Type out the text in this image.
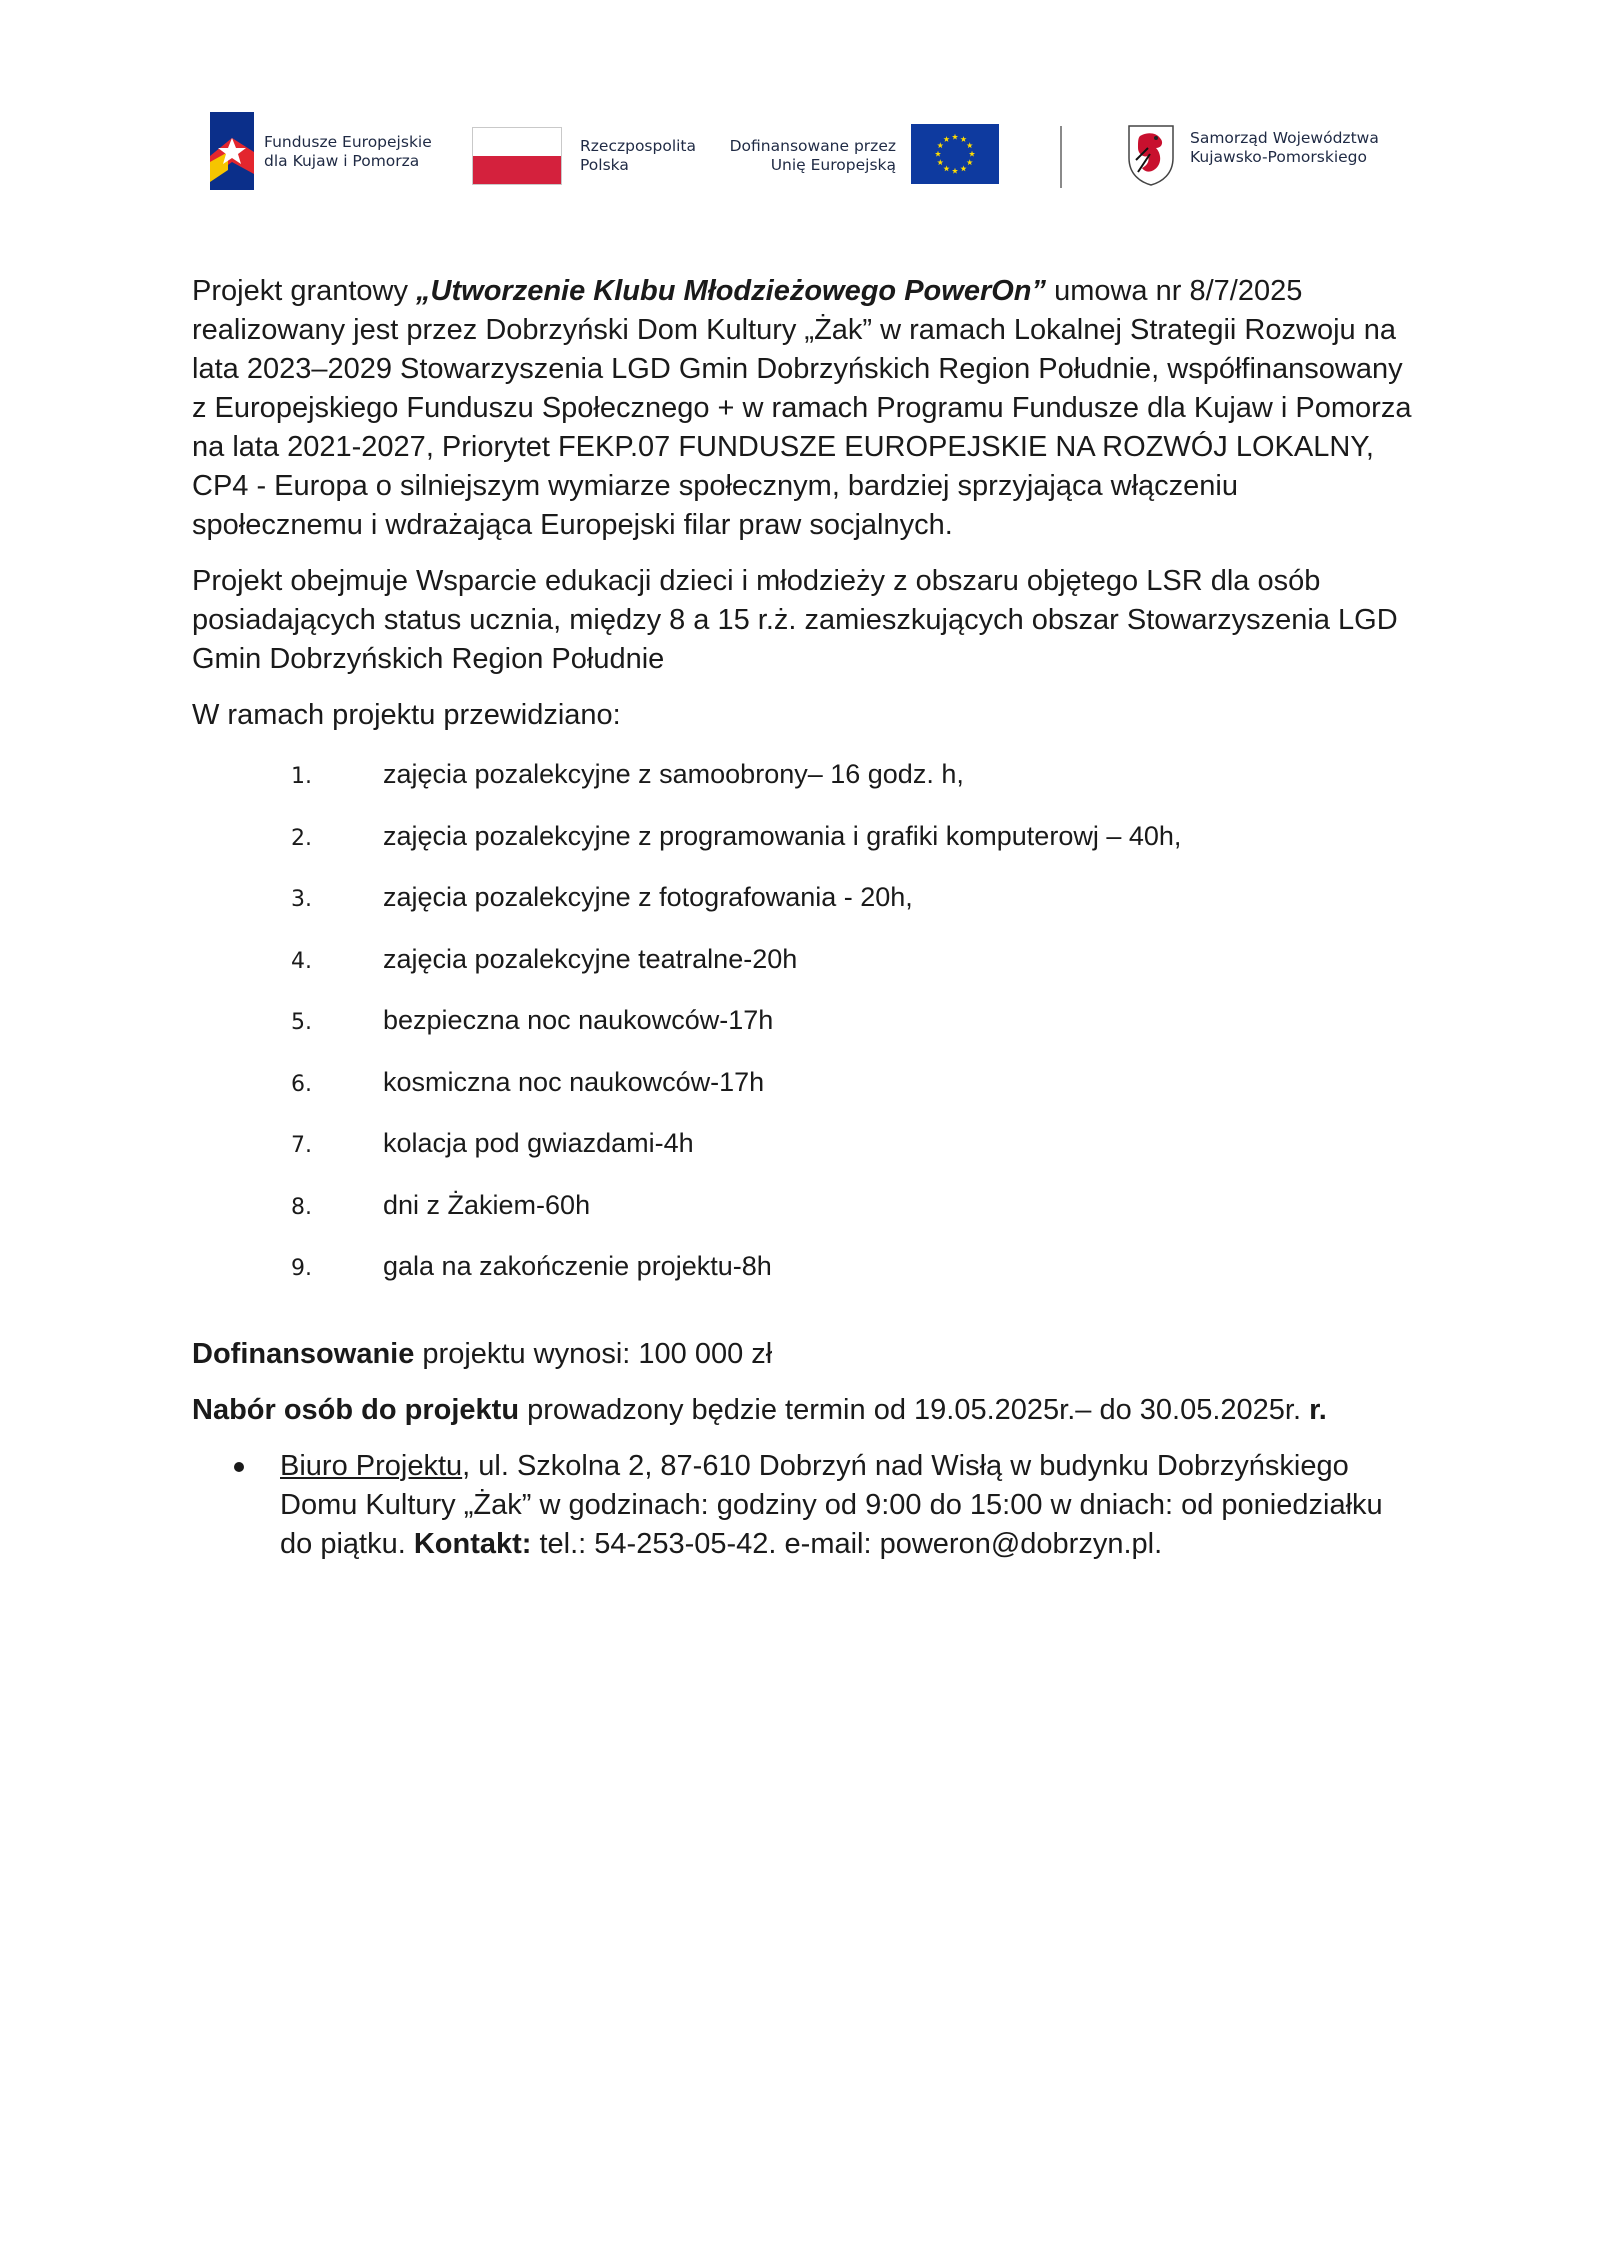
Fundusze Europejskie
dla Kujaw i Pomorza
Rzeczpospolita
Polska
Dofinansowane przez
Unię Europejską
Samorząd Województwa
Kujawsko-Pomorskiego

Projekt grantowy „Utworzenie Klubu Młodzieżowego PowerOn” umowa nr 8/7/2025 realizowany jest przez Dobrzyński Dom Kultury „Żak” w ramach Lokalnej Strategii Rozwoju na lata 2023–2029 Stowarzyszenia LGD Gmin Dobrzyńskich Region Południe, współfinansowany z Europejskiego Funduszu Społecznego + w ramach Programu Fundusze dla Kujaw i Pomorza na lata 2021-2027, Priorytet FEKP.07 FUNDUSZE EUROPEJSKIE NA ROZWÓJ LOKALNY, CP4 - Europa o silniejszym wymiarze społecznym, bardziej sprzyjająca włączeniu społecznemu i wdrażająca Europejski filar praw socjalnych.

Projekt obejmuje Wsparcie edukacji dzieci i młodzieży z obszaru objętego LSR dla osób posiadających status ucznia, między 8 a 15 r.ż. zamieszkujących obszar Stowarzyszenia LGD Gmin Dobrzyńskich Region Południe

W ramach projektu przewidziano:

1.	zajęcia pozalekcyjne z samoobrony– 16 godz. h,
2.	zajęcia pozalekcyjne z programowania i grafiki komputerowj – 40h,
3.	zajęcia pozalekcyjne z fotografowania - 20h,
4.	zajęcia pozalekcyjne teatralne-20h
5.	bezpieczna noc naukowców-17h
6.	kosmiczna noc naukowców-17h
7.	kolacja pod gwiazdami-4h
8.	dni z Żakiem-60h
9.	gala na zakończenie projektu-8h

Dofinansowanie projektu wynosi: 100 000 zł

Nabór osób do projektu prowadzony będzie termin od 19.05.2025r.– do 30.05.2025r. r.

Biuro Projektu, ul. Szkolna 2, 87-610 Dobrzyń nad Wisłą w budynku Dobrzyńskiego Domu Kultury „Żak” w godzinach: godziny od 9:00 do 15:00 w dniach: od poniedziałku do piątku. Kontakt: tel.: 54-253-05-42. e-mail: poweron@dobrzyn.pl.
